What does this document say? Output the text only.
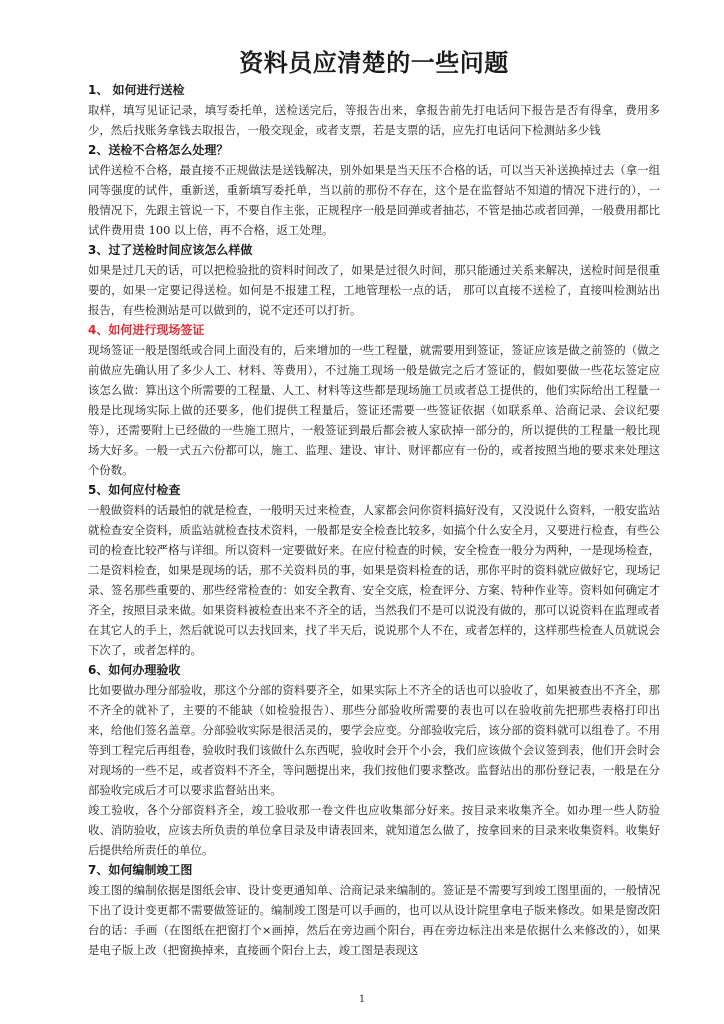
资料员应清楚的一些问题

1、 如何进行送检

取样，填写见证记录，填写委托单，送检送完后，等报告出来，拿报告前先打电话问下报告是否有得拿，费用多少，然后找账务拿钱去取报告，一般交现金，或者支票，若是支票的话，应先打电话问下检测站多少钱

2、送检不合格怎么处理？

试件送检不合格，最直接不正规做法是送钱解决，别外如果是当天压不合格的话，可以当天补送换掉过去（拿一组同等强度的试件，重新送，重新填写委托单，当以前的那份不存在，这个是在监督站不知道的情况下进行的），一般情况下，先跟主管说一下，不要自作主张，正规程序一般是回弹或者抽芯，不管是抽芯或者回弹，一般费用都比试件费用贵 100 以上倍，再不合格，返工处理。

3、过了送检时间应该怎么样做

如果是过几天的话，可以把检验批的资料时间改了，如果是过很久时间，那只能通过关系来解决，送检时间是很重要的，如果一定要记得送检。如何是不报建工程，工地管理松一点的话， 那可以直接不送检了，直接叫检测站出报告，有些检测站是可以做到的，说不定还可以打折。

4、如何进行现场签证

现场签证一般是图纸或合同上面没有的，后来增加的一些工程量，就需要用到签证，签证应该是做之前签的（做之前做应先确认用了多少人工、材料、等费用），不过施工现场一般是做完之后才签证的，假如要做一些花坛签定应该怎么做：算出这个所需要的工程量、人工、材料等这些都是现场施工员或者总工提供的，他们实际给出工程量一般是比现场实际上做的还要多，他们提供工程量后，签证还需要一些签证依据（如联系单、洽商记录、会议纪要等），还需要附上已经做的一些施工照片，一般签证到最后都会被人家砍掉一部分的，所以提供的工程量一般比现场大好多。一般一式五六份都可以，施工、监理、建设、审计、财评都应有一份的，或者按照当地的要求来处理这个份数。

5、如何应付检查

一般做资料的话最怕的就是检查，一般明天过来检查，人家都会问你资料搞好没有，又没说什么资料，一般安监站就检查安全资料，质监站就检查技术资料，一般都是安全检查比较多，如搞个什么安全月，又要进行检查，有些公司的检查比较严格与详细。所以资料一定要做好来。在应付检查的时候，安全检查一般分为两种，一是现场检查，二是资料检查，如果是现场的话，那不关资料员的事，如果是资料检查的话，那你平时的资料就应做好它，现场记录、签名那些重要的、那些经常检查的：如安全教育、安全交底，检查评分、方案、特种作业等。资料如何确定才齐全，按照目录来做。如果资料被检查出来不齐全的话，当然我们不是可以说没有做的，那可以说资料在监理或者在其它人的手上，然后就说可以去找回来，找了半天后，说说那个人不在，或者怎样的，这样那些检查人员就说会下次了，或者怎样的。

6、如何办理验收

比如要做办理分部验收，那这个分部的资料要齐全，如果实际上不齐全的话也可以验收了，如果被查出不齐全，那不齐全的就补了，主要的不能缺（如检验报告）、那些分部验收所需要的表也可以在验收前先把那些表格打印出来，给他们签名盖章。分部验收实际是很活灵的，要学会应变。分部验收完后，该分部的资料就可以组卷了。不用等到工程完后再组卷，验收时我们该做什么东西呢，验收时会开个小会，我们应该做个会议签到表，他们开会时会对现场的一些不足，或者资料不齐全，等问题提出来，我们按他们要求整改。监督站出的那份登记表，一般是在分部验收完成后才可以要求监督站出来。

竣工验收，各个分部资料齐全，竣工验收那一卷文件也应收集部分好来。按目录来收集齐全。如办理一些人防验收、消防验收，应该去所负责的单位拿目录及申请表回来，就知道怎么做了，按拿回来的目录来收集资料。收集好后提供给所责任的单位。

7、如何编制竣工图

竣工图的编制依据是图纸会审、设计变更通知单、洽商记录来编制的。签证是不需要写到竣工图里面的，一般情况下出了设计变更都不需要做签证的。编制竣工图是可以手画的，也可以从设计院里拿电子版来修改。如果是窗改阳台的话：手画（在图纸在把窗打个×画掉，然后在旁边画个阳台，再在旁边标注出来是依据什么来修改的），如果是电子版上改（把窗换掉来，直接画个阳台上去，竣工图是表现这

1
